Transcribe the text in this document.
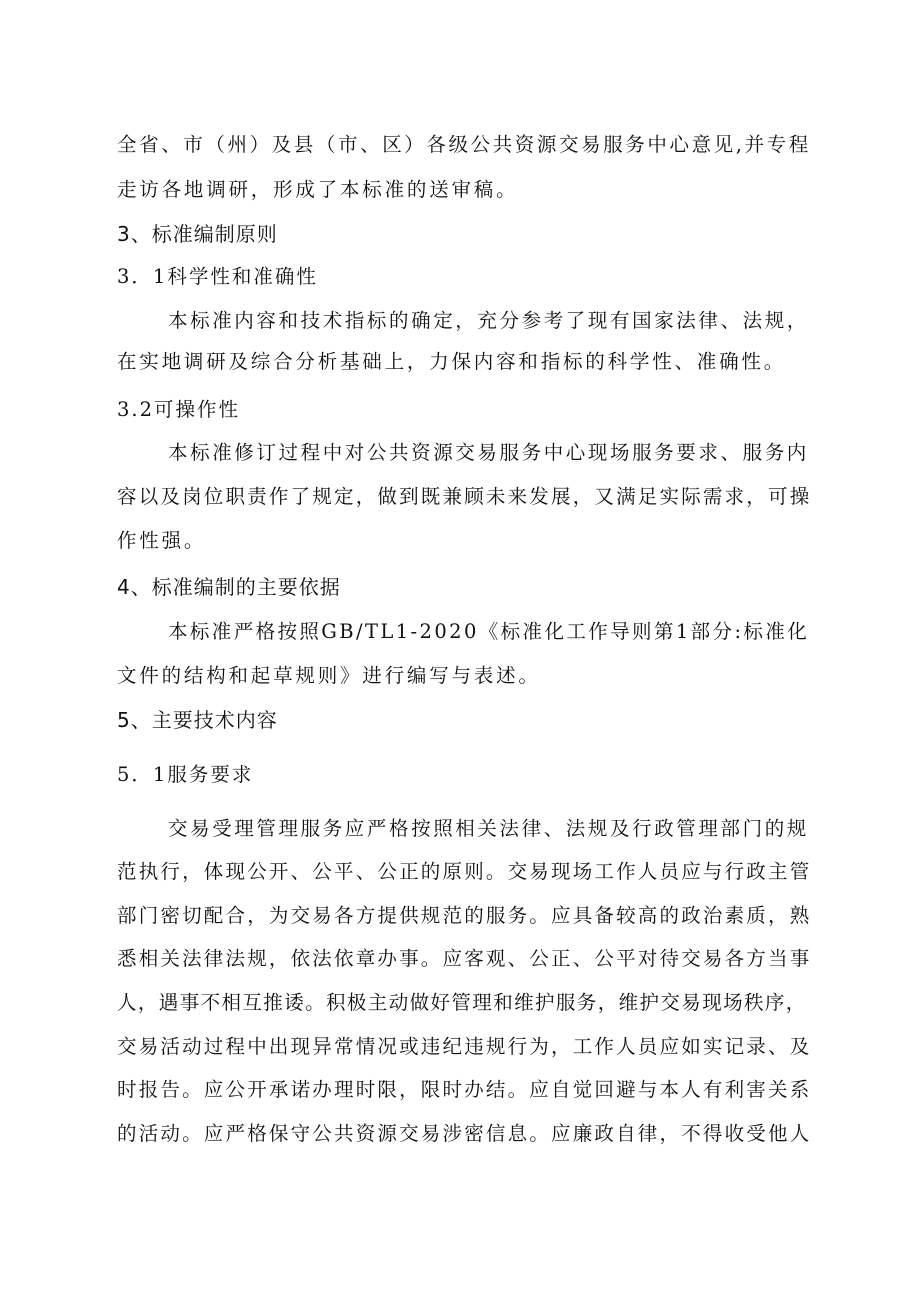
全省、市（州）及县（市、区）各级公共资源交易服务中心意见,并专程
走访各地调研，形成了本标准的送审稿。
3、标准编制原则
3．1科学性和准确性
本标准内容和技术指标的确定，充分参考了现有国家法律、法规，
在实地调研及综合分析基础上，力保内容和指标的科学性、准确性。
3.2可操作性
本标准修订过程中对公共资源交易服务中心现场服务要求、服务内
容以及岗位职责作了规定，做到既兼顾未来发展，又满足实际需求，可操
作性强。
4、标准编制的主要依据
本标准严格按照GB/TL1-2020《标准化工作导则第1部分:标准化
文件的结构和起草规则》进行编写与表述。
5、主要技术内容
5．1服务要求
交易受理管理服务应严格按照相关法律、法规及行政管理部门的规
范执行，体现公开、公平、公正的原则。交易现场工作人员应与行政主管
部门密切配合，为交易各方提供规范的服务。应具备较高的政治素质，熟
悉相关法律法规，依法依章办事。应客观、公正、公平对待交易各方当事
人，遇事不相互推诿。积极主动做好管理和维护服务，维护交易现场秩序，
交易活动过程中出现异常情况或违纪违规行为，工作人员应如实记录、及
时报告。应公开承诺办理时限，限时办结。应自觉回避与本人有利害关系
的活动。应严格保守公共资源交易涉密信息。应廉政自律，不得收受他人
